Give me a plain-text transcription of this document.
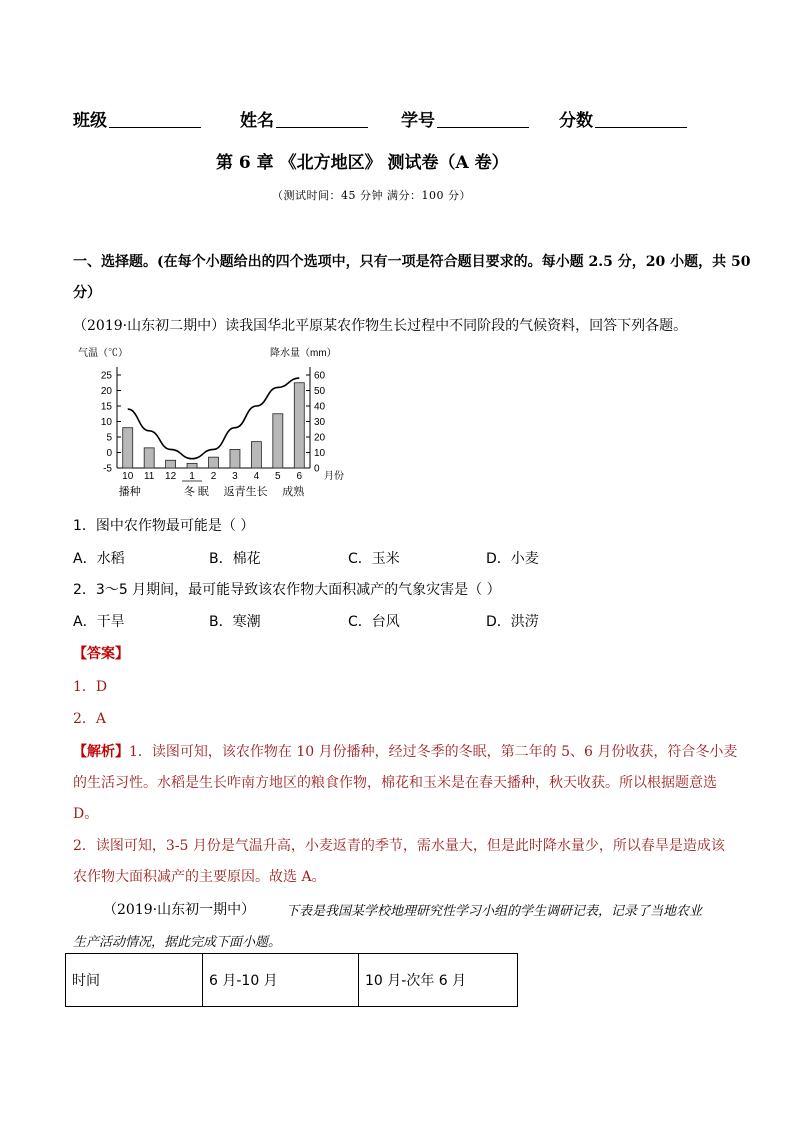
班级	姓名	学号	分数
第 6 章 《北方地区》 测试卷（A 卷）
（测试时间：45 分钟 满分：100 分）
一、选择题。(在每个小题给出的四个选项中，只有一项是符合题目要求的。每小题 2.5 分，20 小题，共 50
分）
（2019·山东初二期中）读我国华北平原某农作物生长过程中不同阶段的气候资料，回答下列各题。
气温（℃）	降水量（mm）
25
20
15
10
5
0
-5
60
50
40
30
20
10
0
10 11 12 1 2 3 4 5 6 月份
播种	冬 眠 返青生长 成熟
1．图中农作物最可能是（ ）
A．水稻	B．棉花	C．玉米	D．小麦
2．3～5 月期间，最可能导致该农作物大面积减产的气象灾害是（ ）
A．干旱	B．寒潮	C．台风	D．洪涝
【答案】
1．D
2．A
【解析】1．读图可知，该农作物在 10 月份播种，经过冬季的冬眠，第二年的 5、6 月份收获，符合冬小麦
的生活习性。水稻是生长咋南方地区的粮食作物，棉花和玉米是在春天播种，秋天收获。所以根据题意选
D。
2．读图可知，3-5 月份是气温升高，小麦返青的季节，需水量大，但是此时降水量少，所以春旱是造成该
农作物大面积减产的主要原因。故选 A。
（2019·山东初一期中） 下表是我国某学校地理研究性学习小组的学生调研记表，记录了当地农业
生产活动情况，据此完成下面小题。
时间	6 月-10 月	10 月-次年 6 月
